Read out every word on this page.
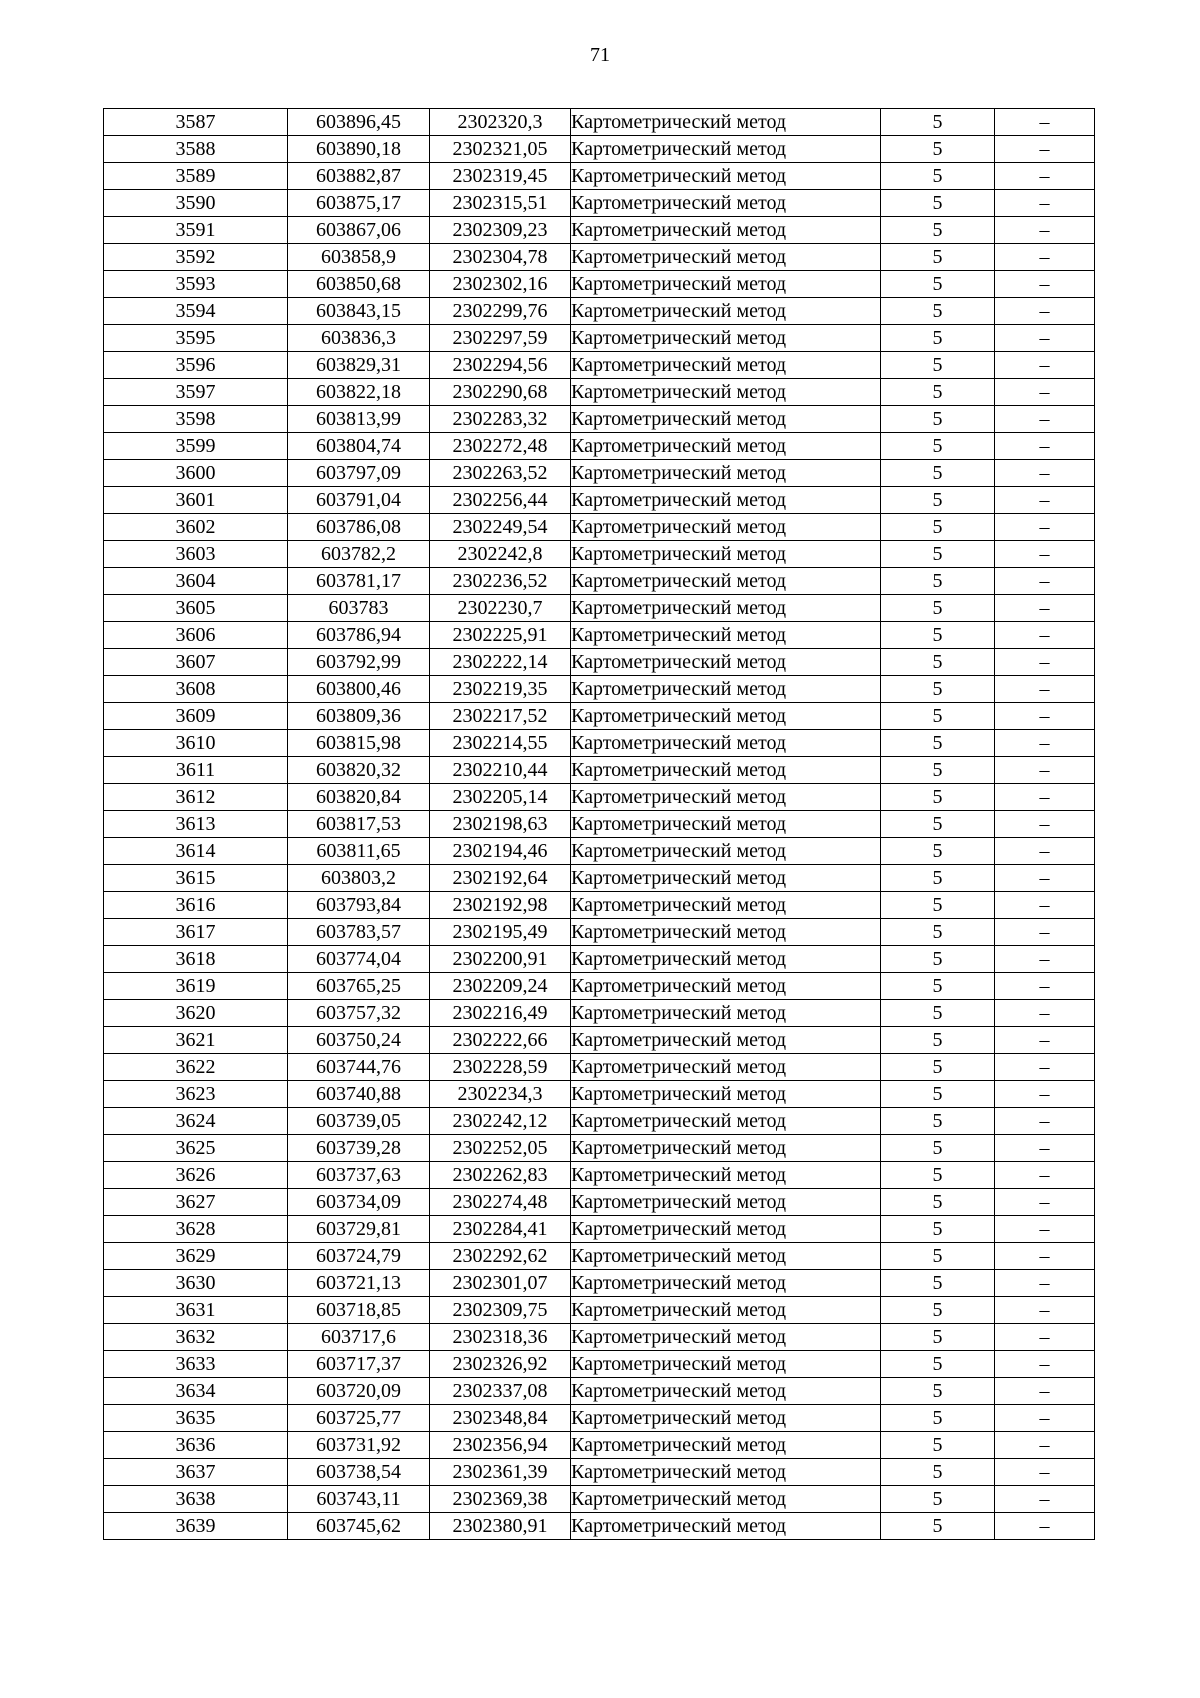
71
3587	603896,45	2302320,3	Картометрический метод	5	–
3588	603890,18	2302321,05	Картометрический метод	5	–
3589	603882,87	2302319,45	Картометрический метод	5	–
3590	603875,17	2302315,51	Картометрический метод	5	–
3591	603867,06	2302309,23	Картометрический метод	5	–
3592	603858,9	2302304,78	Картометрический метод	5	–
3593	603850,68	2302302,16	Картометрический метод	5	–
3594	603843,15	2302299,76	Картометрический метод	5	–
3595	603836,3	2302297,59	Картометрический метод	5	–
3596	603829,31	2302294,56	Картометрический метод	5	–
3597	603822,18	2302290,68	Картометрический метод	5	–
3598	603813,99	2302283,32	Картометрический метод	5	–
3599	603804,74	2302272,48	Картометрический метод	5	–
3600	603797,09	2302263,52	Картометрический метод	5	–
3601	603791,04	2302256,44	Картометрический метод	5	–
3602	603786,08	2302249,54	Картометрический метод	5	–
3603	603782,2	2302242,8	Картометрический метод	5	–
3604	603781,17	2302236,52	Картометрический метод	5	–
3605	603783	2302230,7	Картометрический метод	5	–
3606	603786,94	2302225,91	Картометрический метод	5	–
3607	603792,99	2302222,14	Картометрический метод	5	–
3608	603800,46	2302219,35	Картометрический метод	5	–
3609	603809,36	2302217,52	Картометрический метод	5	–
3610	603815,98	2302214,55	Картометрический метод	5	–
3611	603820,32	2302210,44	Картометрический метод	5	–
3612	603820,84	2302205,14	Картометрический метод	5	–
3613	603817,53	2302198,63	Картометрический метод	5	–
3614	603811,65	2302194,46	Картометрический метод	5	–
3615	603803,2	2302192,64	Картометрический метод	5	–
3616	603793,84	2302192,98	Картометрический метод	5	–
3617	603783,57	2302195,49	Картометрический метод	5	–
3618	603774,04	2302200,91	Картометрический метод	5	–
3619	603765,25	2302209,24	Картометрический метод	5	–
3620	603757,32	2302216,49	Картометрический метод	5	–
3621	603750,24	2302222,66	Картометрический метод	5	–
3622	603744,76	2302228,59	Картометрический метод	5	–
3623	603740,88	2302234,3	Картометрический метод	5	–
3624	603739,05	2302242,12	Картометрический метод	5	–
3625	603739,28	2302252,05	Картометрический метод	5	–
3626	603737,63	2302262,83	Картометрический метод	5	–
3627	603734,09	2302274,48	Картометрический метод	5	–
3628	603729,81	2302284,41	Картометрический метод	5	–
3629	603724,79	2302292,62	Картометрический метод	5	–
3630	603721,13	2302301,07	Картометрический метод	5	–
3631	603718,85	2302309,75	Картометрический метод	5	–
3632	603717,6	2302318,36	Картометрический метод	5	–
3633	603717,37	2302326,92	Картометрический метод	5	–
3634	603720,09	2302337,08	Картометрический метод	5	–
3635	603725,77	2302348,84	Картометрический метод	5	–
3636	603731,92	2302356,94	Картометрический метод	5	–
3637	603738,54	2302361,39	Картометрический метод	5	–
3638	603743,11	2302369,38	Картометрический метод	5	–
3639	603745,62	2302380,91	Картометрический метод	5	–
